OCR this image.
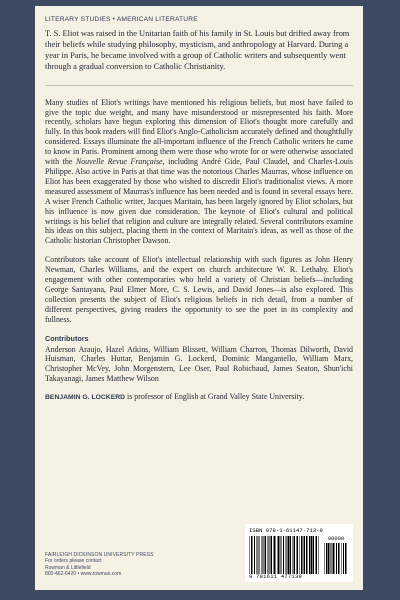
LITERARY STUDIES • AMERICAN LITERATURE

T. S. Eliot was raised in the Unitarian faith of his family in St. Louis but drifted away from their beliefs while studying philosophy, mysticism, and anthropology at Harvard. During a year in Paris, he became involved with a group of Catholic writers and subsequently went through a gradual conversion to Catholic Christianity.

Many studies of Eliot's writings have mentioned his religious beliefs, but most have failed to give the topic due weight, and many have misunderstood or misrepresented his faith. More recently, scholars have begun exploring this dimension of Eliot's thought more carefully and fully. In this book readers will find Eliot's Anglo-Catholicism accurately defined and thoughtfully considered. Essays illuminate the all-important influence of the French Catholic writers he came to know in Paris. Prominent among them were those who wrote for or were otherwise associated with the Nouvelle Revue Française, including André Gide, Paul Claudel, and Charles-Louis Philippe. Also active in Paris at that time was the notorious Charles Maurras, whose influence on Eliot has been exaggerated by those who wished to discredit Eliot's traditionalist views. A more measured assessment of Maurras's influence has been needed and is found in several essays here. A wiser French Catholic writer, Jacques Maritain, has been largely ignored by Eliot scholars, but his influence is now given due consideration. The keynote of Eliot's cultural and political writings is his belief that religion and culture are integrally related. Several contributors examine his ideas on this subject, placing them in the context of Maritain's ideas, as well as those of the Catholic historian Christopher Dawson.

Contributors take account of Eliot's intellectual relationship with such figures as John Henry Newman, Charles Williams, and the expert on church architecture W. R. Lethaby. Eliot's engagement with other contemporaries who held a variety of Christian beliefs—including George Santayana, Paul Elmer More, C. S. Lewis, and David Jones—is also explored. This collection presents the subject of Eliot's religious beliefs in rich detail, from a number of different perspectives, giving readers the opportunity to see the poet in its complexity and fullness.

Contributors

Anderson Araujo, Hazel Atkins, William Blissett, William Charron, Thomas Dilworth, David Huisman, Charles Huttar, Benjamin G. Lockerd, Dominic Manganiello, William Marx, Christopher McVey, John Morgenstern, Lee Oser, Paul Robichaud, James Seaton, Shun'ichi Takayanagi, James Matthew Wilson

BENJAMIN G. LOCKERD is professor of English at Grand Valley State University.

FAIRLEIGH DICKINSON UNIVERSITY PRESS
For orders please contact
Rowman & Littlefield
800-462-6420 • www.rowman.com
ISBN 978-1-61147-713-9
90000
9 781611 477139
